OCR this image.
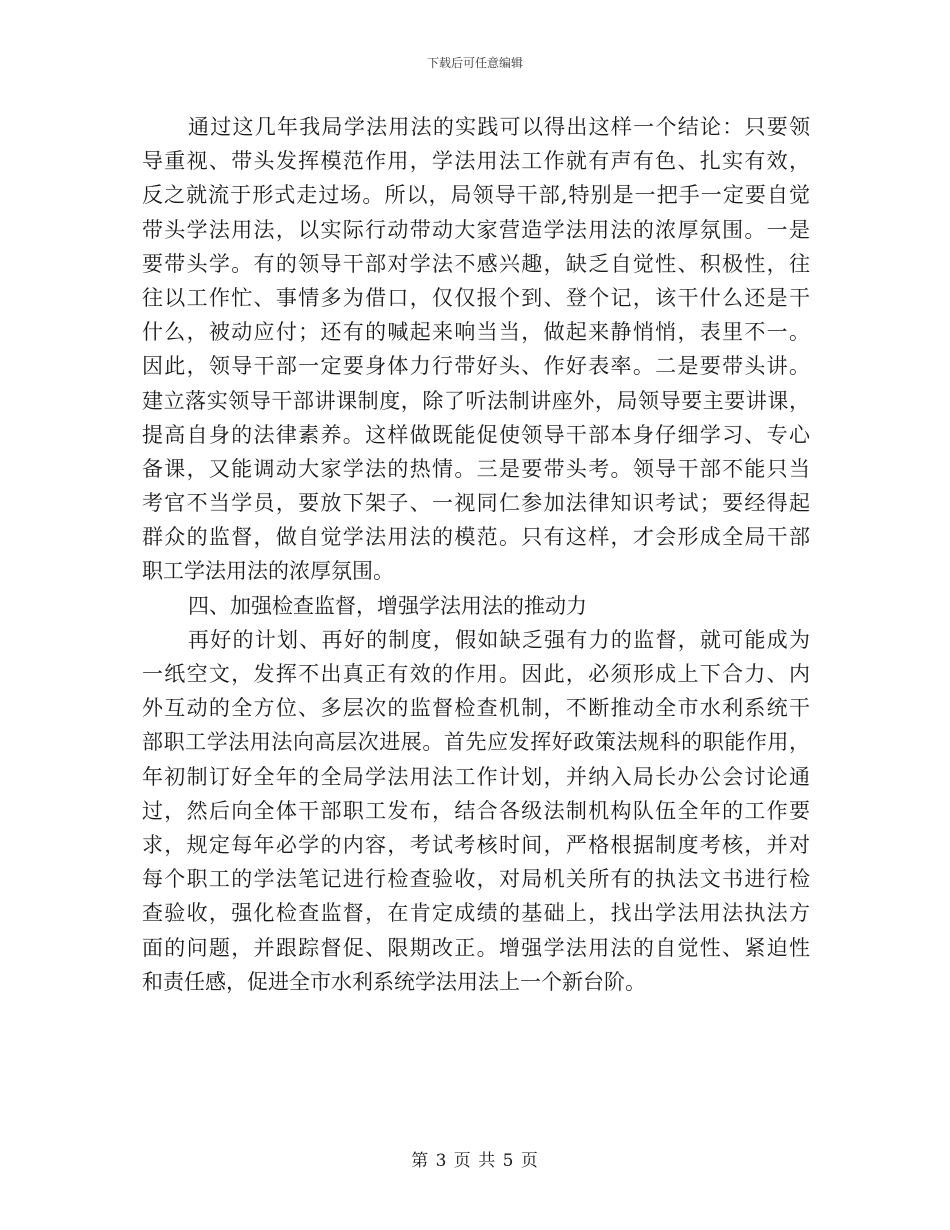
下载后可任意编辑
通过这几年我局学法用法的实践可以得出这样一个结论：只要领
导重视、带头发挥模范作用，学法用法工作就有声有色、扎实有效，
反之就流于形式走过场。所以，局领导干部,特别是一把手一定要自觉
带头学法用法，以实际行动带动大家营造学法用法的浓厚氛围。一是
要带头学。有的领导干部对学法不感兴趣，缺乏自觉性、积极性，往
往以工作忙、事情多为借口，仅仅报个到、登个记，该干什么还是干
什么，被动应付；还有的喊起来响当当，做起来静悄悄，表里不一。
因此，领导干部一定要身体力行带好头、作好表率。二是要带头讲。
建立落实领导干部讲课制度，除了听法制讲座外，局领导要主要讲课，
提高自身的法律素养。这样做既能促使领导干部本身仔细学习、专心
备课，又能调动大家学法的热情。三是要带头考。领导干部不能只当
考官不当学员，要放下架子、一视同仁参加法律知识考试；要经得起
群众的监督，做自觉学法用法的模范。只有这样，才会形成全局干部
职工学法用法的浓厚氛围。
四、加强检查监督，增强学法用法的推动力
再好的计划、再好的制度，假如缺乏强有力的监督，就可能成为
一纸空文，发挥不出真正有效的作用。因此，必须形成上下合力、内
外互动的全方位、多层次的监督检查机制，不断推动全市水利系统干
部职工学法用法向高层次进展。首先应发挥好政策法规科的职能作用，
年初制订好全年的全局学法用法工作计划，并纳入局长办公会讨论通
过，然后向全体干部职工发布，结合各级法制机构队伍全年的工作要
求，规定每年必学的内容，考试考核时间，严格根据制度考核，并对
每个职工的学法笔记进行检查验收，对局机关所有的执法文书进行检
查验收，强化检查监督，在肯定成绩的基础上，找出学法用法执法方
面的问题，并跟踪督促、限期改正。增强学法用法的自觉性、紧迫性
和责任感，促进全市水利系统学法用法上一个新台阶。
第 3 页 共 5 页
